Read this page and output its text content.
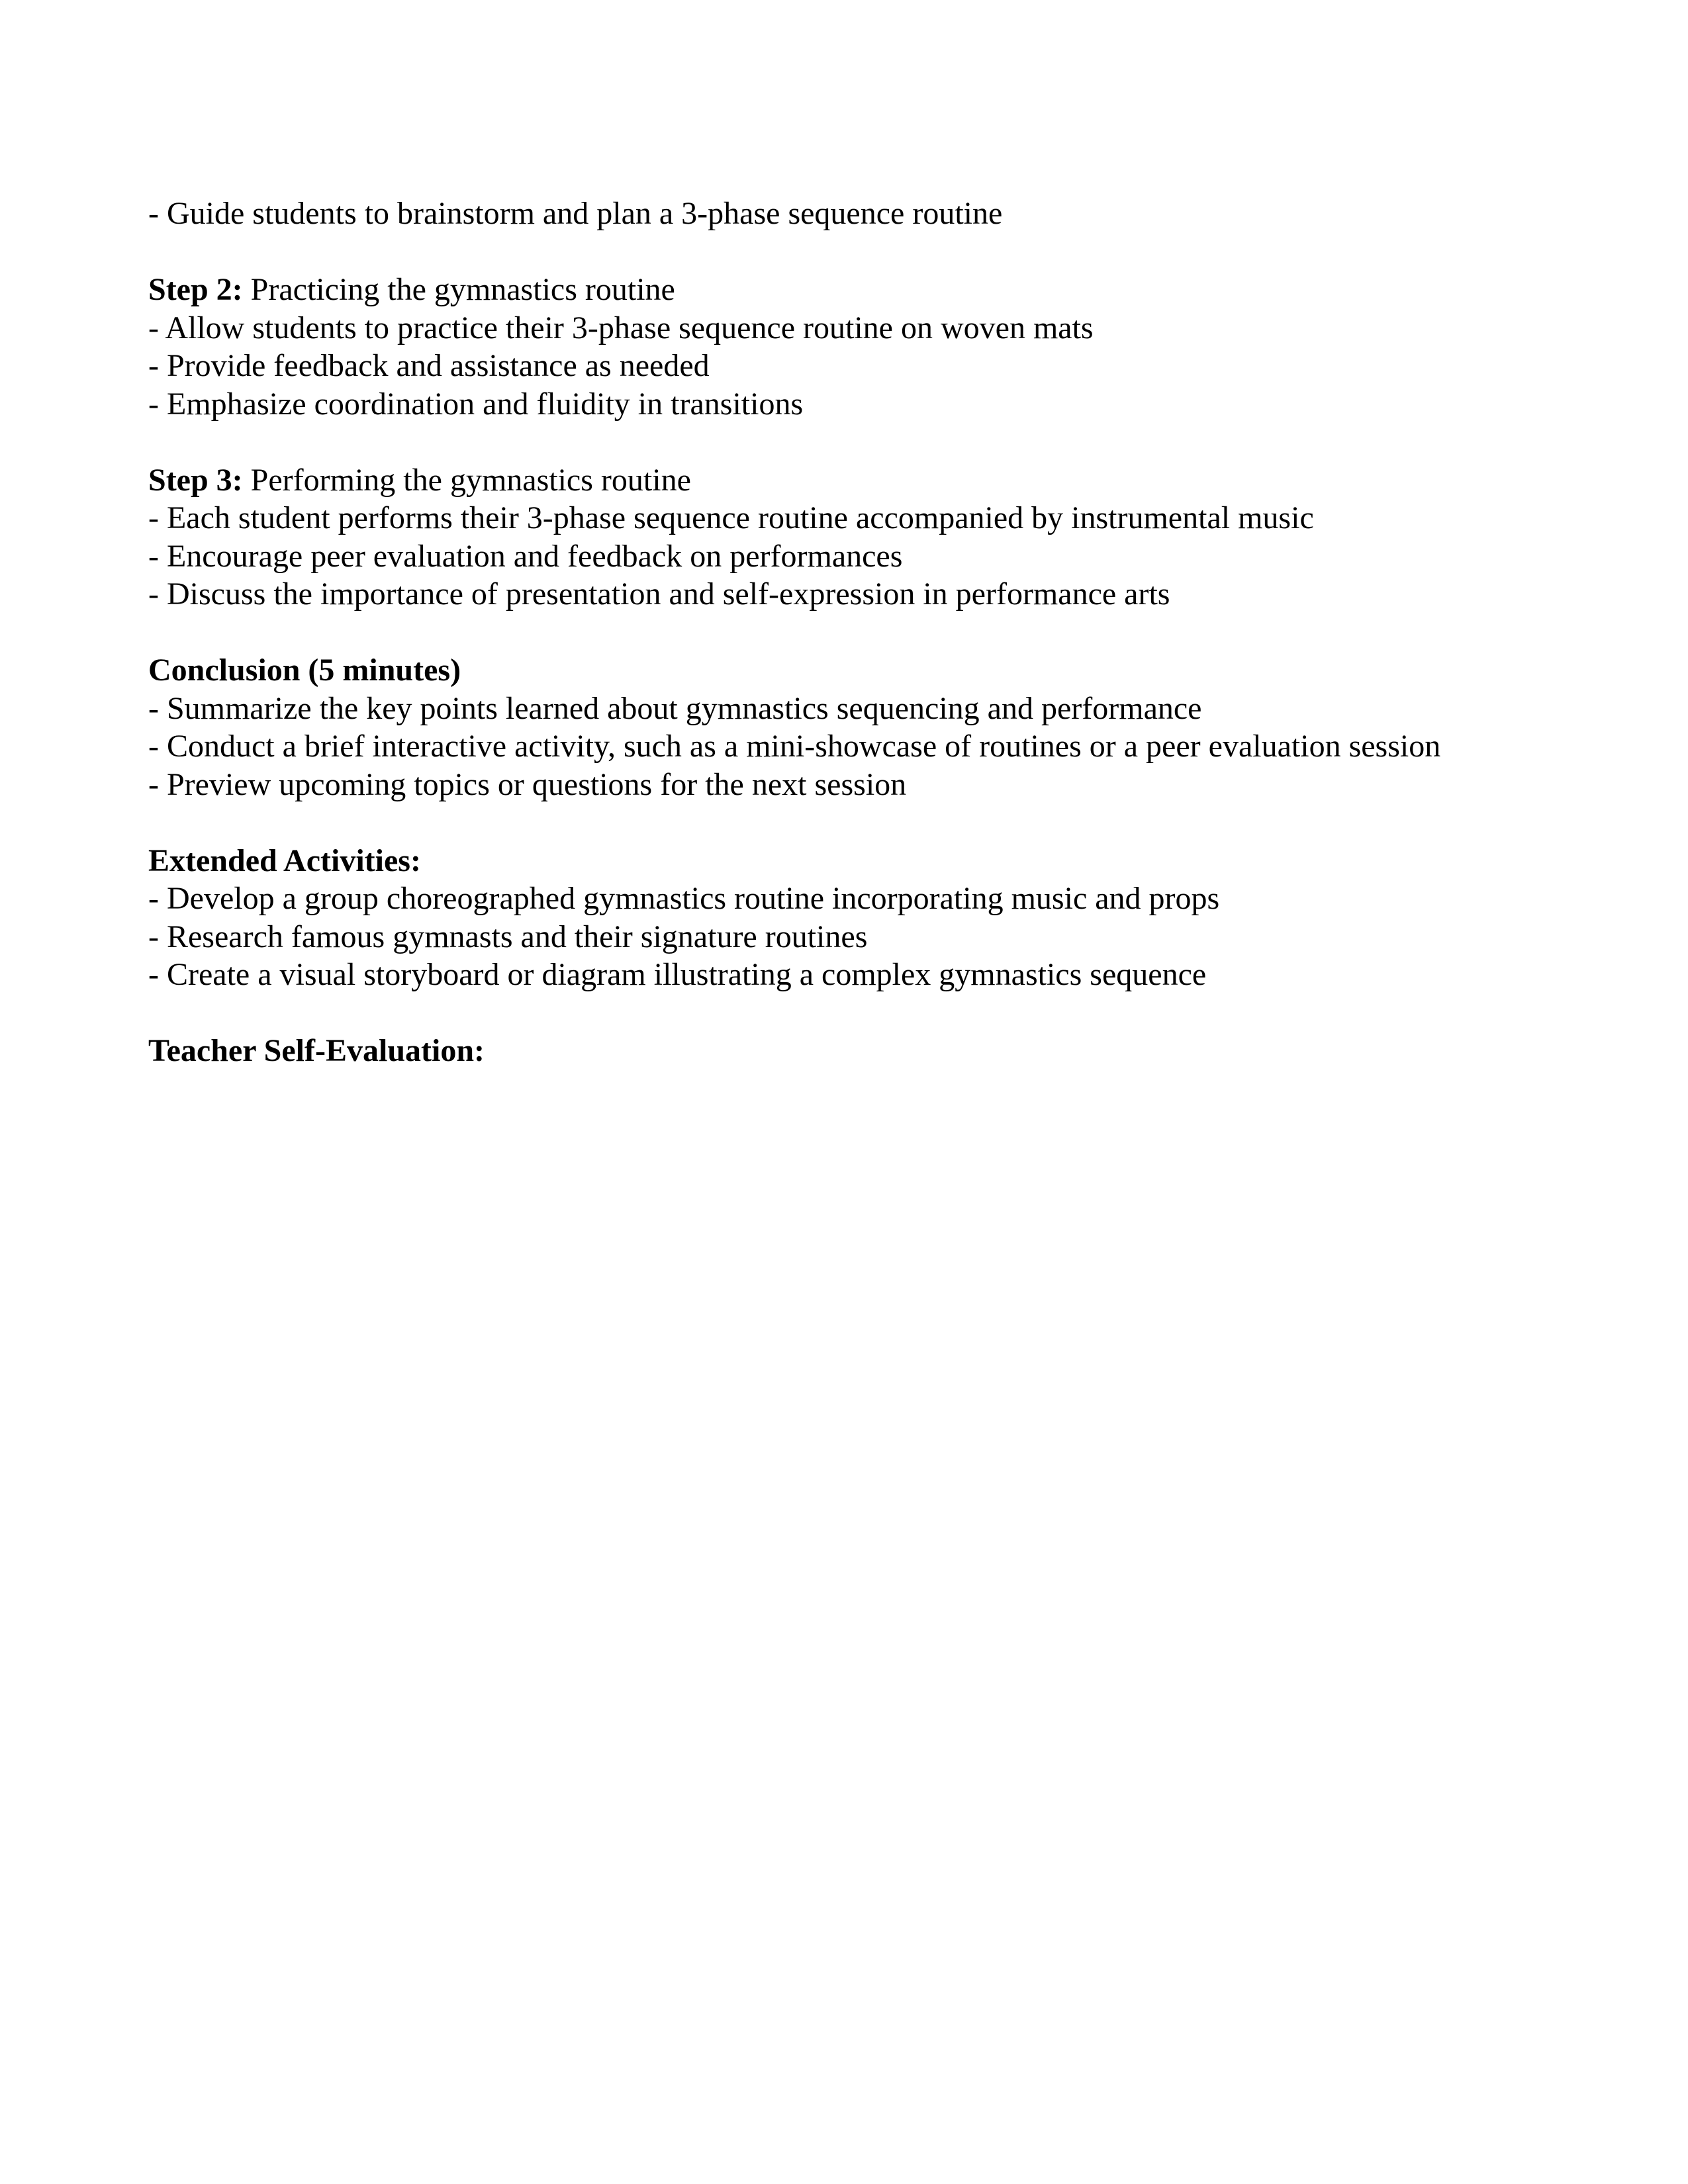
- Guide students to brainstorm and plan a 3-phase sequence routine

Step 2: Practicing the gymnastics routine

- Allow students to practice their 3-phase sequence routine on woven mats

- Provide feedback and assistance as needed

- Emphasize coordination and fluidity in transitions

Step 3: Performing the gymnastics routine

- Each student performs their 3-phase sequence routine accompanied by instrumental music

- Encourage peer evaluation and feedback on performances

- Discuss the importance of presentation and self-expression in performance arts

Conclusion (5 minutes)

- Summarize the key points learned about gymnastics sequencing and performance

- Conduct a brief interactive activity, such as a mini-showcase of routines or a peer evaluation session

- Preview upcoming topics or questions for the next session

Extended Activities:

- Develop a group choreographed gymnastics routine incorporating music and props

- Research famous gymnasts and their signature routines

- Create a visual storyboard or diagram illustrating a complex gymnastics sequence

Teacher Self-Evaluation:
